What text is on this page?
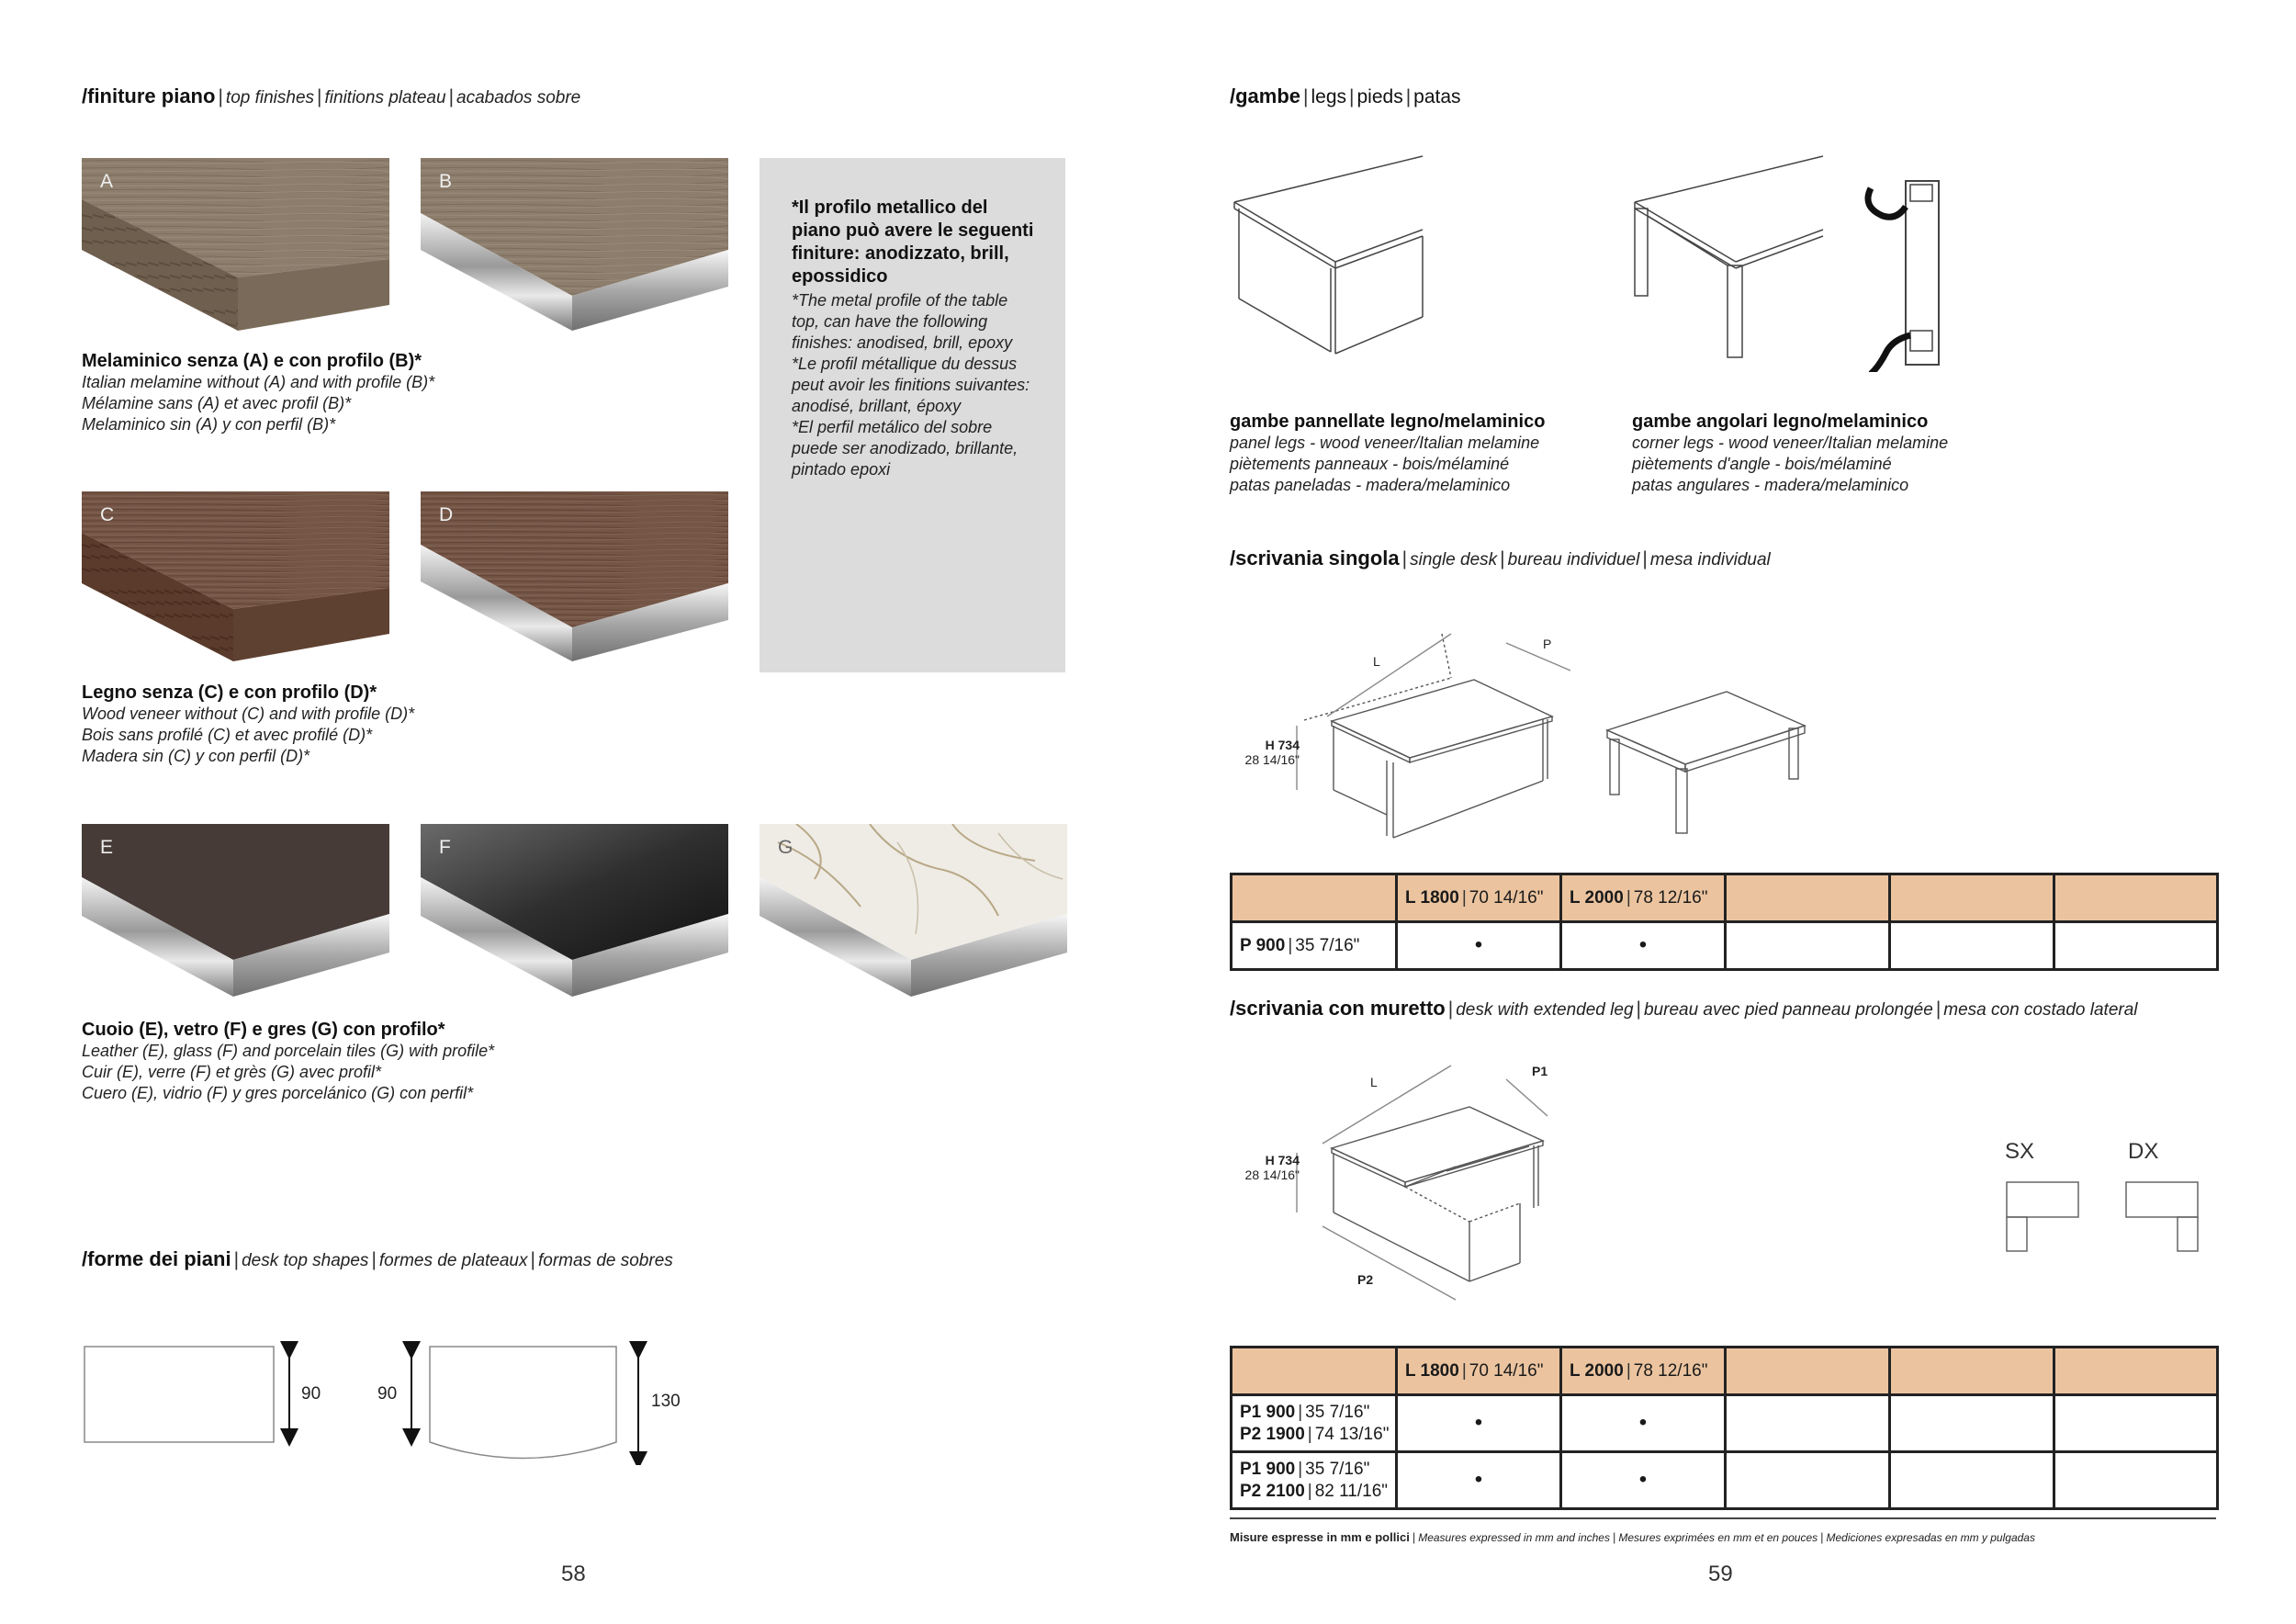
/finiture piano | top finishes | finitions plateau | acabados sobre
A	B
*Il profilo metallico del piano può avere le seguenti finiture: anodizzato, brill, epossidico
*The metal profile of the table top, can have the following finishes: anodised, brill, epoxy
*Le profil métallique du dessus peut avoir les finitions suivantes: anodisé, brillant, époxy
*El perfil metálico del sobre puede ser anodizado, brillante, pintado epoxi
Melaminico senza (A) e con profilo (B)*
Italian melamine without (A) and with profile (B)*
Mélamine sans (A) et avec profil (B)*
Melaminico sin (A) y con perfil (B)*
C	D
Legno senza (C) e con profilo (D)*
Wood veneer without (C) and with profile (D)*
Bois sans profilé (C) et avec profilé (D)*
Madera sin (C) y con perfil (D)*
E	F	G
Cuoio (E), vetro (F) e gres (G) con profilo*
Leather (E), glass (F) and porcelain tiles (G) with profile*
Cuir (E), verre (F) et grès (G) avec profil*
Cuero (E), vidrio (F) y gres porcelánico (G) con perfil*
/forme dei piani | desk top shapes | formes de plateaux | formas de sobres
90	90	130
58
/gambe | legs | pieds | patas
gambe pannellate legno/melaminico
panel legs - wood veneer/Italian melamine
piètements panneaux - bois/mélaminé
patas paneladas - madera/melaminico
gambe angolari legno/melaminico
corner legs - wood veneer/Italian melamine
piètements d'angle - bois/mélaminé
patas angulares - madera/melaminico
/scrivania singola | single desk | bureau individuel | mesa individual
L
P
H 734
28 14/16"
	L 1800 | 70 14/16"	L 2000 | 78 12/16"			
P 900 | 35 7/16"	•	•			
/scrivania con muretto | desk with extended leg | bureau avec pied panneau prolongée | mesa con costado lateral
L
P1
P2
H 734
28 14/16"
SX	DX
	L 1800 | 70 14/16"	L 2000 | 78 12/16"			
P1 900 | 35 7/16"
P2 1900 | 74 13/16"	•	•			
P1 900 | 35 7/16"
P2 2100 | 82 11/16"	•	•			
Misure espresse in mm e pollici | Measures expressed in mm and inches | Mesures exprimées en mm et en pouces | Mediciones expresadas en mm y pulgadas
59
